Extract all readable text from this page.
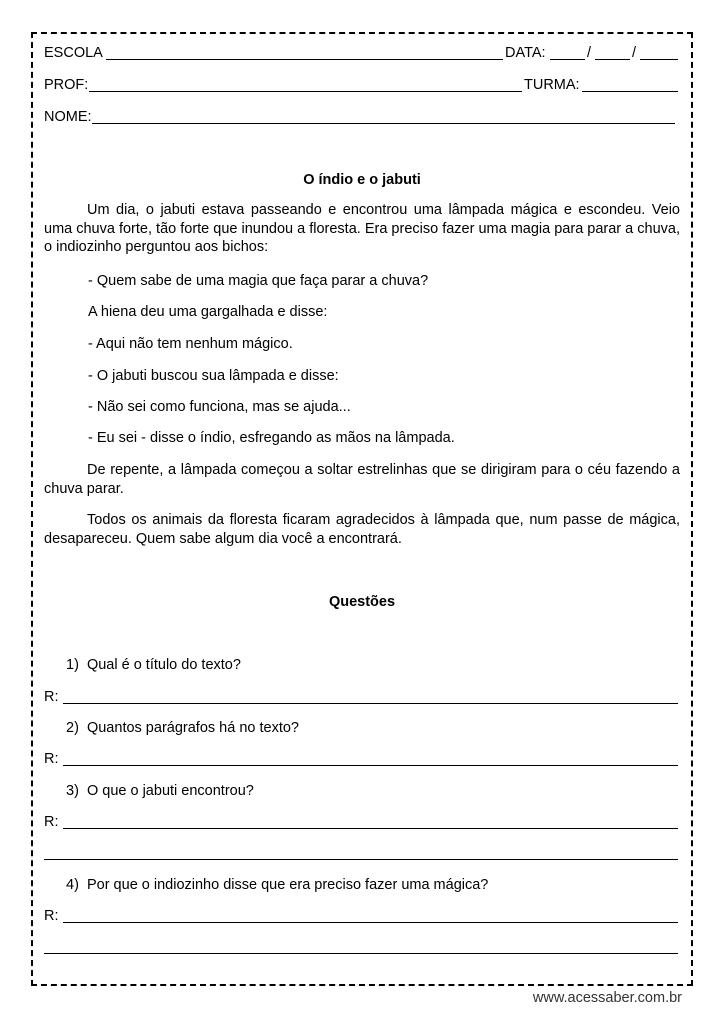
ESCOLA	DATA:	/	/
PROF:	TURMA:
NOME:
O índio e o jabuti
Um dia, o jabuti estava passeando e encontrou uma lâmpada mágica e escondeu. Veio uma chuva forte, tão forte que inundou a floresta. Era preciso fazer uma magia para parar a chuva, o indiozinho perguntou aos bichos:
- Quem sabe de uma magia que faça parar a chuva?
A hiena deu uma gargalhada e disse:
- Aqui não tem nenhum mágico.
- O jabuti buscou sua lâmpada e disse:
- Não sei como funciona, mas se ajuda...
- Eu sei - disse o índio, esfregando as mãos na lâmpada.
De repente, a lâmpada começou a soltar estrelinhas que se dirigiram para o céu fazendo a chuva parar.
Todos os animais da floresta ficaram agradecidos à lâmpada que, num passe de mágica, desapareceu. Quem sabe algum dia você a encontrará.
Questões
1) Qual é o título do texto?
R:
2) Quantos parágrafos há no texto?
R:
3) O que o jabuti encontrou?
R:
4) Por que o indiozinho disse que era preciso fazer uma mágica?
R:
www.acessaber.com.br
